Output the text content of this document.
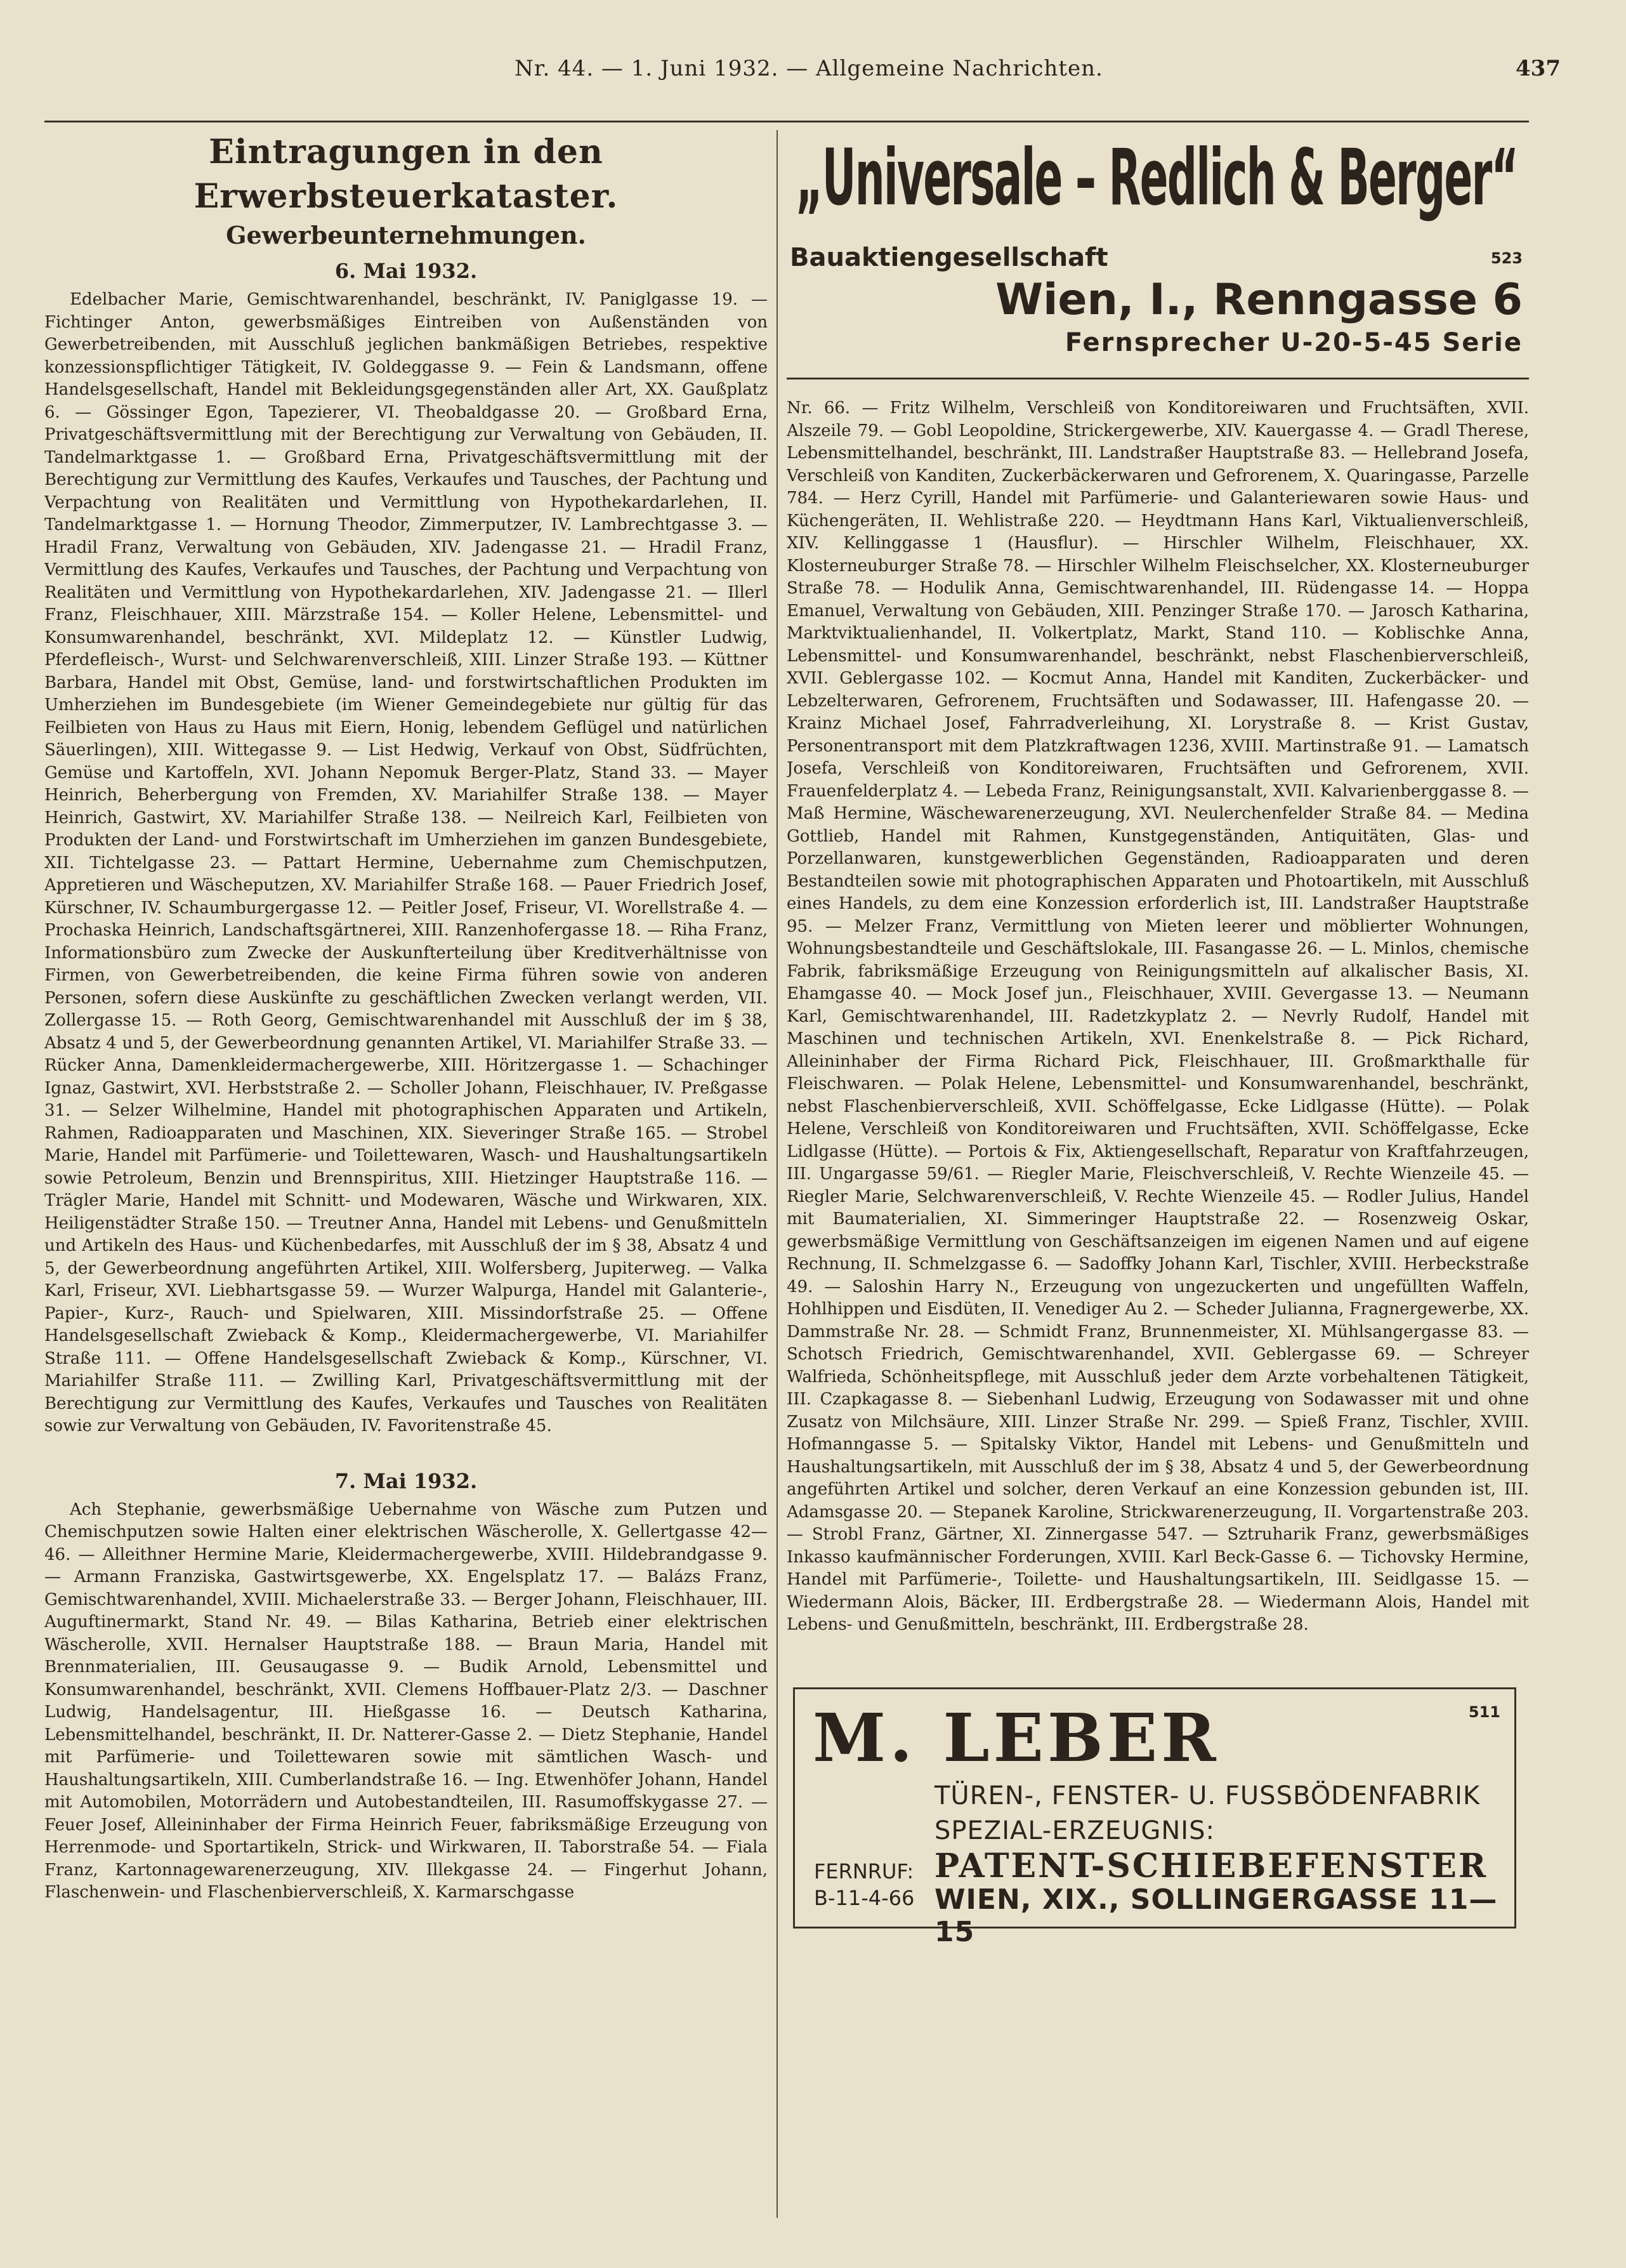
Nr. 44. — 1. Juni 1932. — Allgemeine Nachrichten.	437
Eintragungen in den Erwerbsteuerkataster.
Gewerbeunternehmungen.
6. Mai 1932.

Edelbacher Marie, Gemischtwarenhandel, beschränkt, IV. Paniglgasse 19. — Fichtinger Anton, gewerbsmäßiges Eintreiben von Außenständen von Gewerbetreibenden, mit Ausschluß jeglichen bankmäßigen Betriebes, respektive konzessionspflichtiger Tätigkeit, IV. Goldeggasse 9. — Fein & Landsmann, offene Handelsgesellschaft, Handel mit Bekleidungsgegenständen aller Art, XX. Gaußplatz 6. — Gössinger Egon, Tapezierer, VI. Theobaldgasse 20. — Großbard Erna, Privatgeschäftsvermittlung mit der Berechtigung zur Verwaltung von Gebäuden, II. Tandelmarktgasse 1. — Großbard Erna, Privatgeschäftsvermittlung mit der Berechtigung zur Vermittlung des Kaufes, Verkaufes und Tausches, der Pachtung und Verpachtung von Realitäten und Vermittlung von Hypothekardarlehen, II. Tandelmarktgasse 1. — Hornung Theodor, Zimmerputzer, IV. Lambrechtgasse 3. — Hradil Franz, Verwaltung von Gebäuden, XIV. Jadengasse 21. — Hradil Franz, Vermittlung des Kaufes, Verkaufes und Tausches, der Pachtung und Verpachtung von Realitäten und Vermittlung von Hypothekardarlehen, XIV. Jadengasse 21. — Illerl Franz, Fleischhauer, XIII. Märzstraße 154. — Koller Helene, Lebensmittel- und Konsumwarenhandel, beschränkt, XVI. Mildeplatz 12. — Künstler Ludwig, Pferdefleisch-, Wurst- und Selchwarenverschleiß, XIII. Linzer Straße 193. — Küttner Barbara, Handel mit Obst, Gemüse, land- und forstwirtschaftlichen Produkten im Umherziehen im Bundesgebiete (im Wiener Gemeindegebiete nur gültig für das Feilbieten von Haus zu Haus mit Eiern, Honig, lebendem Geflügel und natürlichen Säuerlingen), XIII. Wittegasse 9. — List Hedwig, Verkauf von Obst, Südfrüchten, Gemüse und Kartoffeln, XVI. Johann Nepomuk Berger-Platz, Stand 33. — Mayer Heinrich, Beherbergung von Fremden, XV. Mariahilfer Straße 138. — Mayer Heinrich, Gastwirt, XV. Mariahilfer Straße 138. — Neilreich Karl, Feilbieten von Produkten der Land- und Forstwirtschaft im Umherziehen im ganzen Bundesgebiete, XII. Tichtelgasse 23. — Pattart Hermine, Uebernahme zum Chemischputzen, Appretieren und Wäscheputzen, XV. Mariahilfer Straße 168. — Pauer Friedrich Josef, Kürschner, IV. Schaumburgergasse 12. — Peitler Josef, Friseur, VI. Worellstraße 4. — Prochaska Heinrich, Landschaftsgärtnerei, XIII. Ranzenhofergasse 18. — Riha Franz, Informationsbüro zum Zwecke der Auskunfterteilung über Kreditverhältnisse von Firmen, von Gewerbetreibenden, die keine Firma führen sowie von anderen Personen, sofern diese Auskünfte zu geschäftlichen Zwecken verlangt werden, VII. Zollergasse 15. — Roth Georg, Gemischtwarenhandel mit Ausschluß der im § 38, Absatz 4 und 5, der Gewerbeordnung genannten Artikel, VI. Mariahilfer Straße 33. — Rücker Anna, Damenkleidermachergewerbe, XIII. Höritzergasse 1. — Schachinger Ignaz, Gastwirt, XVI. Herbststraße 2. — Scholler Johann, Fleischhauer, IV. Preßgasse 31. — Selzer Wilhelmine, Handel mit photographischen Apparaten und Artikeln, Rahmen, Radioapparaten und Maschinen, XIX. Sieveringer Straße 165. — Strobel Marie, Handel mit Parfümerie- und Toilettewaren, Wasch- und Haushaltungsartikeln sowie Petroleum, Benzin und Brennspiritus, XIII. Hietzinger Hauptstraße 116. — Trägler Marie, Handel mit Schnitt- und Modewaren, Wäsche und Wirkwaren, XIX. Heiligenstädter Straße 150. — Treutner Anna, Handel mit Lebens- und Genußmitteln und Artikeln des Haus- und Küchenbedarfes, mit Ausschluß der im § 38, Absatz 4 und 5, der Gewerbeordnung angeführten Artikel, XIII. Wolfersberg, Jupiterweg. — Valka Karl, Friseur, XVI. Liebhartsgasse 59. — Wurzer Walpurga, Handel mit Galanterie-, Papier-, Kurz-, Rauch- und Spielwaren, XIII. Missindorfstraße 25. — Offene Handelsgesellschaft Zwieback & Komp., Kleidermachergewerbe, VI. Mariahilfer Straße 111. — Offene Handelsgesellschaft Zwieback & Komp., Kürschner, VI. Mariahilfer Straße 111. — Zwilling Karl, Privatgeschäftsvermittlung mit der Berechtigung zur Vermittlung des Kaufes, Verkaufes und Tausches von Realitäten sowie zur Verwaltung von Gebäuden, IV. Favoritenstraße 45.

7. Mai 1932.

Ach Stephanie, gewerbsmäßige Uebernahme von Wäsche zum Putzen und Chemischputzen sowie Halten einer elektrischen Wäscherolle, X. Gellertgasse 42—46. — Alleithner Hermine Marie, Kleidermachergewerbe, XVIII. Hildebrandgasse 9. — Armann Franziska, Gastwirtsgewerbe, XX. Engelsplatz 17. — Balázs Franz, Gemischtwarenhandel, XVIII. Michaelerstraße 33. — Berger Johann, Fleischhauer, III. Auguftinermarkt, Stand Nr. 49. — Bilas Katharina, Betrieb einer elektrischen Wäscherolle, XVII. Hernalser Hauptstraße 188. — Braun Maria, Handel mit Brennmaterialien, III. Geusaugasse 9. — Budik Arnold, Lebensmittel und Konsumwarenhandel, beschränkt, XVII. Clemens Hoffbauer-Platz 2/3. — Daschner Ludwig, Handelsagentur, III. Hießgasse 16. — Deutsch Katharina, Lebensmittelhandel, beschränkt, II. Dr. Natterer-Gasse 2. — Dietz Stephanie, Handel mit Parfümerie- und Toilettewaren sowie mit sämtlichen Wasch- und Haushaltungsartikeln, XIII. Cumberlandstraße 16. — Ing. Etwenhöfer Johann, Handel mit Automobilen, Motorrädern und Autobestandteilen, III. Rasumoffskygasse 27. — Feuer Josef, Alleininhaber der Firma Heinrich Feuer, fabriksmäßige Erzeugung von Herrenmode- und Sportartikeln, Strick- und Wirkwaren, II. Taborstraße 54. — Fiala Franz, Kartonnagewarenerzeugung, XIV. Illekgasse 24. — Fingerhut Johann, Flaschenwein- und Flaschenbierverschleiß, X. Karmarschgasse

„Universale – Redlich & Berger“
Bauaktiengesellschaft	523
Wien, I., Renngasse 6
Fernsprecher U-20-5-45 Serie

Nr. 66. — Fritz Wilhelm, Verschleiß von Konditoreiwaren und Fruchtsäften, XVII. Alszeile 79. — Gobl Leopoldine, Strickergewerbe, XIV. Kauergasse 4. — Gradl Therese, Lebensmittelhandel, beschränkt, III. Landstraßer Hauptstraße 83. — Hellebrand Josefa, Verschleiß von Kanditen, Zuckerbäckerwaren und Gefrorenem, X. Quaringasse, Parzelle 784. — Herz Cyrill, Handel mit Parfümerie- und Galanteriewaren sowie Haus- und Küchengeräten, II. Wehlistraße 220. — Heydtmann Hans Karl, Viktualienverschleiß, XIV. Kellinggasse 1 (Hausflur). — Hirschler Wilhelm, Fleischhauer, XX. Klosterneuburger Straße 78. — Hirschler Wilhelm Fleischselcher, XX. Klosterneuburger Straße 78. — Hodulik Anna, Gemischtwarenhandel, III. Rüdengasse 14. — Hoppa Emanuel, Verwaltung von Gebäuden, XIII. Penzinger Straße 170. — Jarosch Katharina, Marktviktualienhandel, II. Volkertplatz, Markt, Stand 110. — Koblischke Anna, Lebensmittel- und Konsumwarenhandel, beschränkt, nebst Flaschenbierverschleiß, XVII. Geblergasse 102. — Kocmut Anna, Handel mit Kanditen, Zuckerbäcker- und Lebzelterwaren, Gefrorenem, Fruchtsäften und Sodawasser, III. Hafengasse 20. — Krainz Michael Josef, Fahrradverleihung, XI. Lorystraße 8. — Krist Gustav, Personentransport mit dem Platzkraftwagen 1236, XVIII. Martinstraße 91. — Lamatsch Josefa, Verschleiß von Konditoreiwaren, Fruchtsäften und Gefrorenem, XVII. Frauenfelderplatz 4. — Lebeda Franz, Reinigungsanstalt, XVII. Kalvarienberggasse 8. — Maß Hermine, Wäschewarenerzeugung, XVI. Neulerchenfelder Straße 84. — Medina Gottlieb, Handel mit Rahmen, Kunstgegenständen, Antiquitäten, Glas- und Porzellanwaren, kunstgewerblichen Gegenständen, Radioapparaten und deren Bestandteilen sowie mit photographischen Apparaten und Photoartikeln, mit Ausschluß eines Handels, zu dem eine Konzession erforderlich ist, III. Landstraßer Hauptstraße 95. — Melzer Franz, Vermittlung von Mieten leerer und möblierter Wohnungen, Wohnungsbestandteile und Geschäftslokale, III. Fasangasse 26. — L. Minlos, chemische Fabrik, fabriksmäßige Erzeugung von Reinigungsmitteln auf alkalischer Basis, XI. Ehamgasse 40. — Mock Josef jun., Fleischhauer, XVIII. Gevergasse 13. — Neumann Karl, Gemischtwarenhandel, III. Radetzkyplatz 2. — Nevrly Rudolf, Handel mit Maschinen und technischen Artikeln, XVI. Enenkelstraße 8. — Pick Richard, Alleininhaber der Firma Richard Pick, Fleischhauer, III. Großmarkthalle für Fleischwaren. — Polak Helene, Lebensmittel- und Konsumwarenhandel, beschränkt, nebst Flaschenbierverschleiß, XVII. Schöffelgasse, Ecke Lidlgasse (Hütte). — Polak Helene, Verschleiß von Konditoreiwaren und Fruchtsäften, XVII. Schöffelgasse, Ecke Lidlgasse (Hütte). — Portois & Fix, Aktiengesellschaft, Reparatur von Kraftfahrzeugen, III. Ungargasse 59/61. — Riegler Marie, Fleischverschleiß, V. Rechte Wienzeile 45. — Riegler Marie, Selchwarenverschleiß, V. Rechte Wienzeile 45. — Rodler Julius, Handel mit Baumaterialien, XI. Simmeringer Hauptstraße 22. — Rosenzweig Oskar, gewerbsmäßige Vermittlung von Geschäftsanzeigen im eigenen Namen und auf eigene Rechnung, II. Schmelzgasse 6. — Sadoffky Johann Karl, Tischler, XVIII. Herbeckstraße 49. — Saloshin Harry N., Erzeugung von ungezuckerten und ungefüllten Waffeln, Hohlhippen und Eisdüten, II. Venediger Au 2. — Scheder Julianna, Fragnergewerbe, XX. Dammstraße Nr. 28. — Schmidt Franz, Brunnenmeister, XI. Mühlsangergasse 83. — Schotsch Friedrich, Gemischtwarenhandel, XVII. Geblergasse 69. — Schreyer Walfrieda, Schönheitspflege, mit Ausschluß jeder dem Arzte vorbehaltenen Tätigkeit, III. Czapkagasse 8. — Siebenhanl Ludwig, Erzeugung von Sodawasser mit und ohne Zusatz von Milchsäure, XIII. Linzer Straße Nr. 299. — Spieß Franz, Tischler, XVIII. Hofmanngasse 5. — Spitalsky Viktor, Handel mit Lebens- und Genußmitteln und Haushaltungsartikeln, mit Ausschluß der im § 38, Absatz 4 und 5, der Gewerbeordnung angeführten Artikel und solcher, deren Verkauf an eine Konzession gebunden ist, III. Adamsgasse 20. — Stepanek Karoline, Strickwarenerzeugung, II. Vorgartenstraße 203. — Strobl Franz, Gärtner, XI. Zinnergasse 547. — Sztruharik Franz, gewerbsmäßiges Inkasso kaufmännischer Forderungen, XVIII. Karl Beck-Gasse 6. — Tichovsky Hermine, Handel mit Parfümerie-, Toilette- und Haushaltungsartikeln, III. Seidlgasse 15. — Wiedermann Alois, Bäcker, III. Erdbergstraße 28. — Wiedermann Alois, Handel mit Lebens- und Genußmitteln, beschränkt, III. Erdbergstraße 28.

M. LEBER	511
TÜREN-, FENSTER- U. FUSSBÖDENFABRIK
SPEZIAL-ERZEUGNIS:
PATENT-SCHIEBEFENSTER
FERNRUF:
B-11-4-66 WIEN, XIX., SOLLINGERGASSE 11—15
